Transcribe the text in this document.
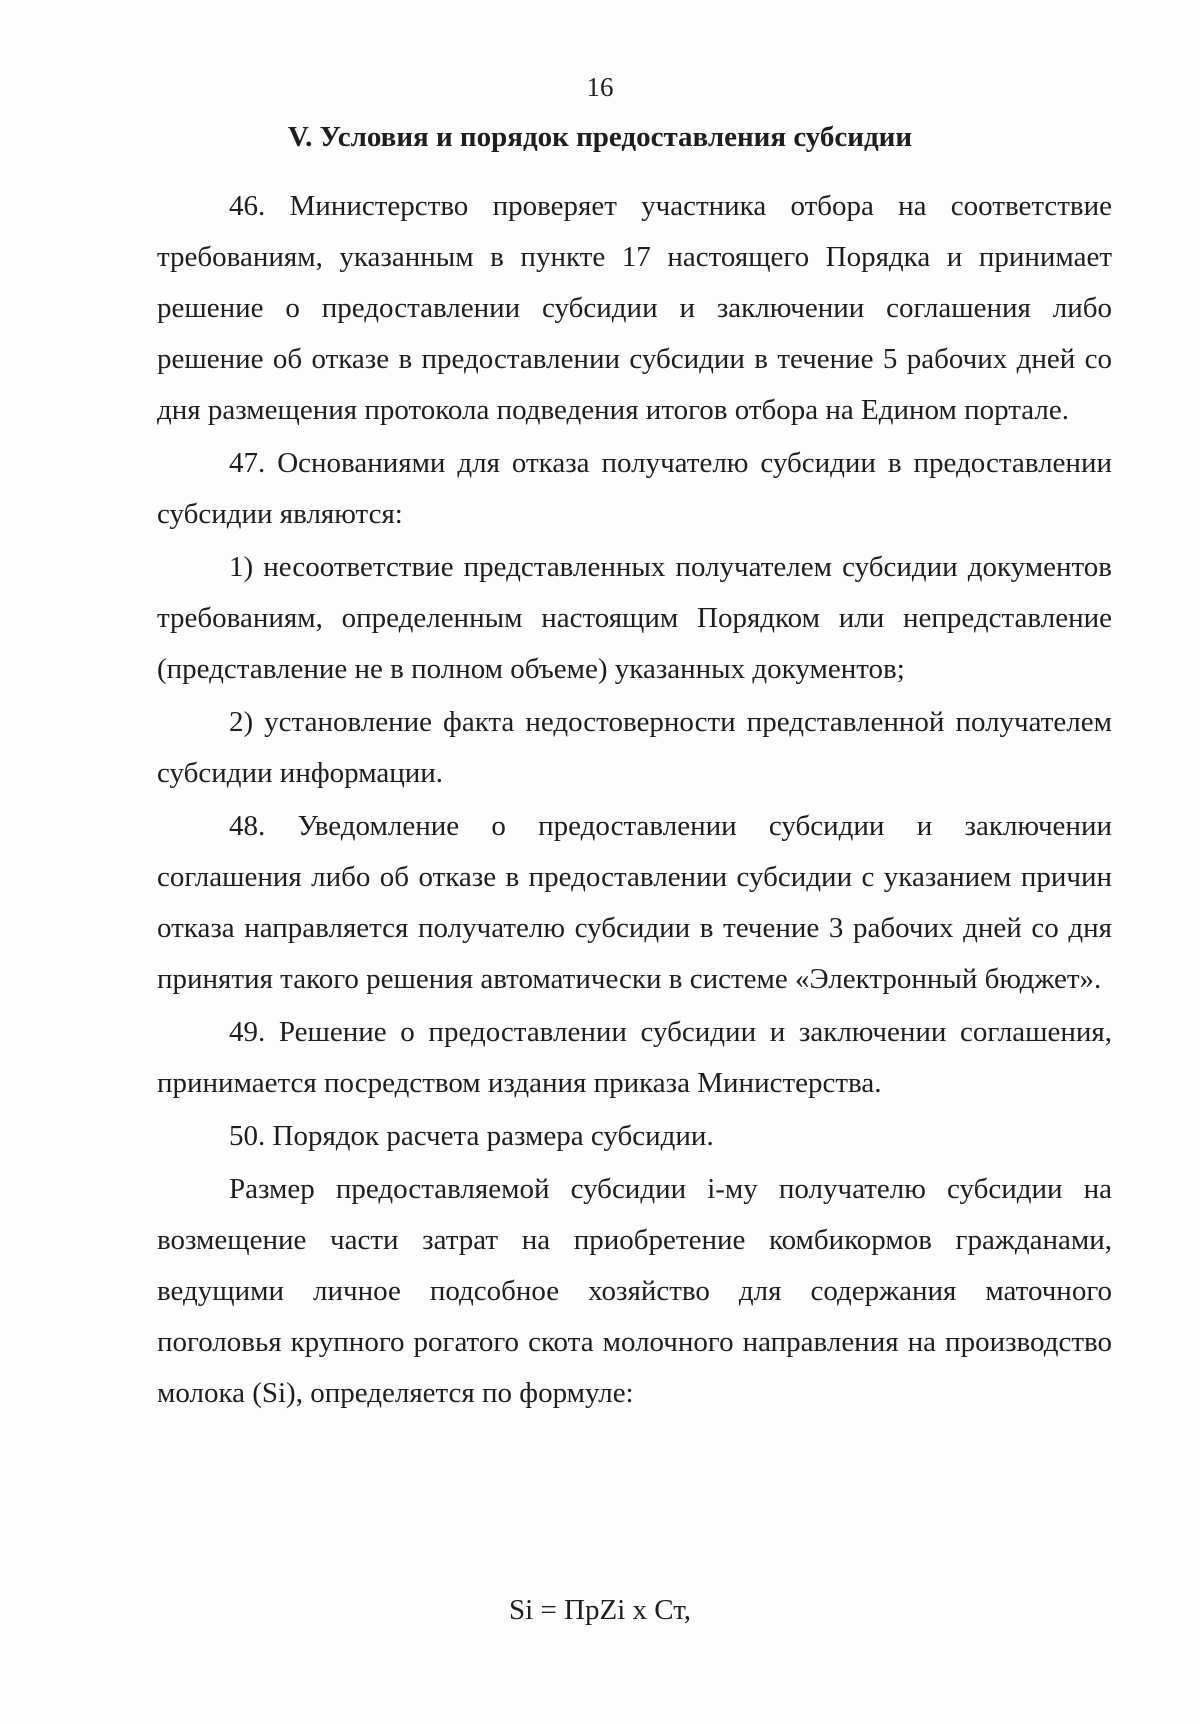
16
V. Условия и порядок предоставления субсидии

46. Министерство проверяет участника отбора на соответствие требованиям, указанным в пункте 17 настоящего Порядка и принимает решение о предоставлении субсидии и заключении соглашения либо решение об отказе в предоставлении субсидии в течение 5 рабочих дней со дня размещения протокола подведения итогов отбора на Едином портале.

47. Основаниями для отказа получателю субсидии в предоставлении субсидии являются:

1) несоответствие представленных получателем субсидии документов требованиям, определенным настоящим Порядком или непредставление (представление не в полном объеме) указанных документов;

2) установление факта недостоверности представленной получателем субсидии информации.

48. Уведомление о предоставлении субсидии и заключении соглашения либо об отказе в предоставлении субсидии с указанием причин отказа направляется получателю субсидии в течение 3 рабочих дней со дня принятия такого решения автоматически в системе «Электронный бюджет».

49. Решение о предоставлении субсидии и заключении соглашения, принимается посредством издания приказа Министерства.

50. Порядок расчета размера субсидии.

Размер предоставляемой субсидии i-му получателю субсидии на возмещение части затрат на приобретение комбикормов гражданами, ведущими личное подсобное хозяйство для содержания маточного поголовья крупного рогатого скота молочного направления на производство молока (Si), определяется по формуле:

Si = ПрZi х Ст,
